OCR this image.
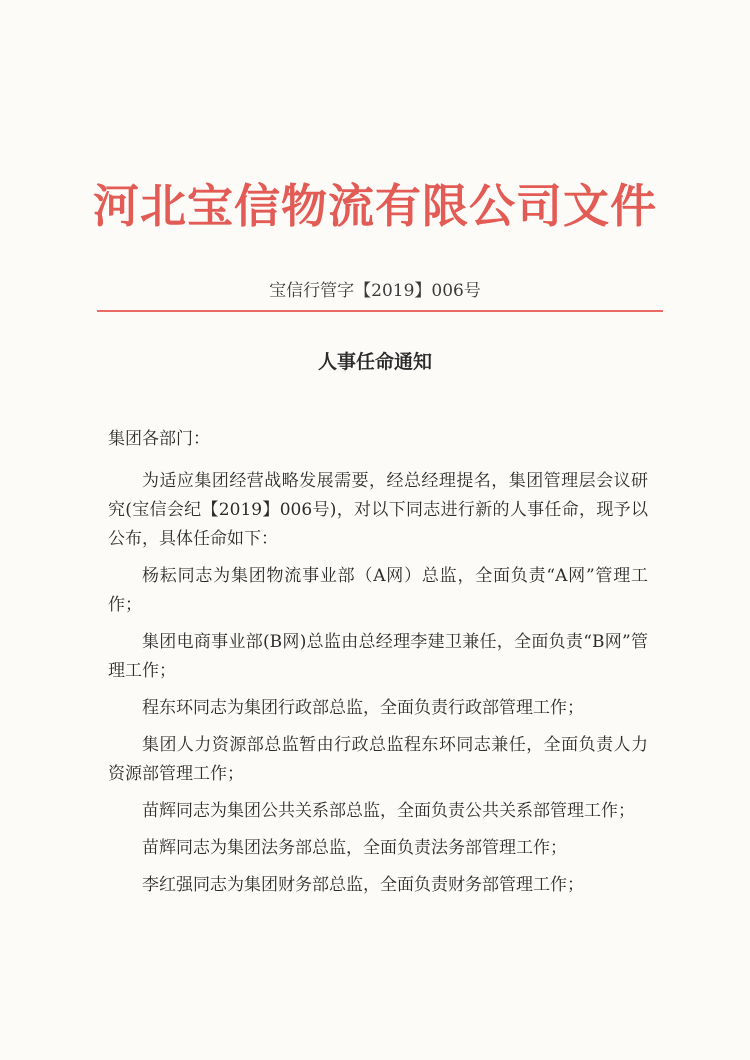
河北宝信物流有限公司文件
宝信行管字【2019】006号
人事任命通知

集团各部门：

为适应集团经营战略发展需要，经总经理提名，集团管理层会议研究(宝信会纪【2019】006号)，对以下同志进行新的人事任命，现予以公布，具体任命如下：

杨耘同志为集团物流事业部（A网）总监，全面负责“A网”管理工作；

集团电商事业部(B网)总监由总经理李建卫兼任，全面负责“B网”管理工作；

程东环同志为集团行政部总监，全面负责行政部管理工作；

集团人力资源部总监暂由行政总监程东环同志兼任，全面负责人力资源部管理工作；

苗辉同志为集团公共关系部总监，全面负责公共关系部管理工作；

苗辉同志为集团法务部总监，全面负责法务部管理工作；

李红强同志为集团财务部总监，全面负责财务部管理工作；
